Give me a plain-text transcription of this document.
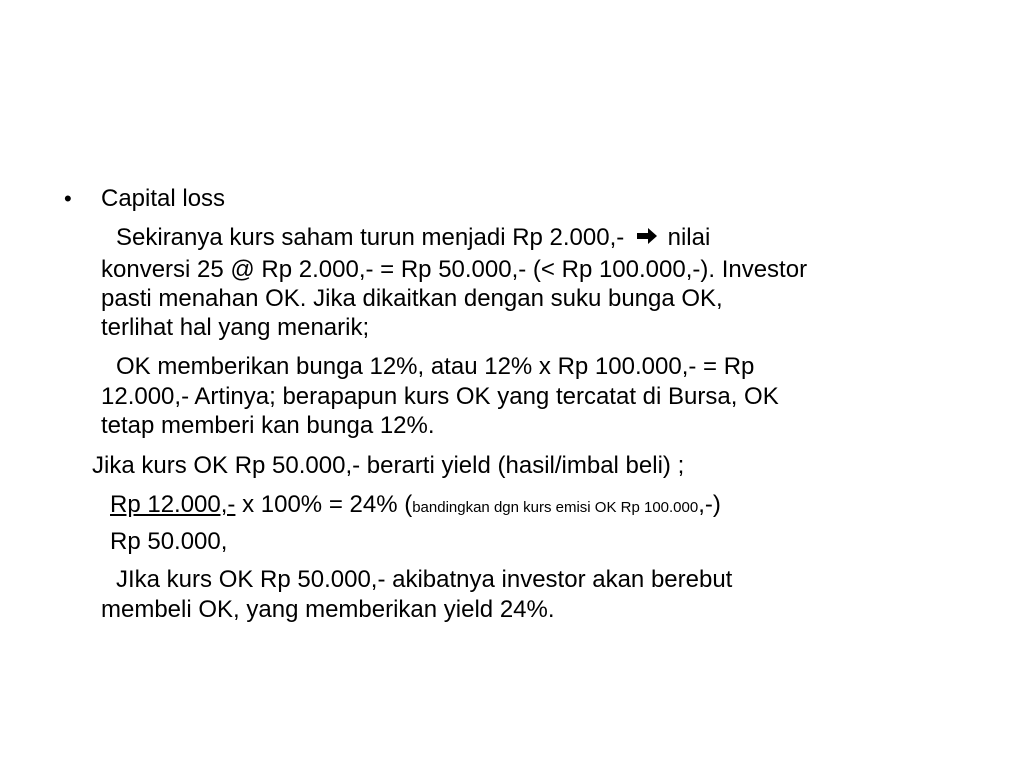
• Capital loss

Sekiranya kurs saham turun menjadi Rp 2.000,- nilai

konversi 25 @ Rp 2.000,- = Rp 50.000,- (< Rp 100.000,-). Investor

pasti menahan OK. Jika dikaitkan dengan suku bunga OK,

terlihat hal yang menarik;

OK memberikan bunga 12%, atau 12% x Rp 100.000,- = Rp

12.000,- Artinya; berapapun kurs OK yang tercatat di Bursa, OK

tetap memberi kan bunga 12%.

Jika kurs OK Rp 50.000,- berarti yield (hasil/imbal beli) ;

Rp 12.000,- x 100% = 24% (bandingkan dgn kurs emisi OK Rp 100.000,-)

Rp 50.000,

JIka kurs OK Rp 50.000,- akibatnya investor akan berebut

membeli OK, yang memberikan yield 24%.
